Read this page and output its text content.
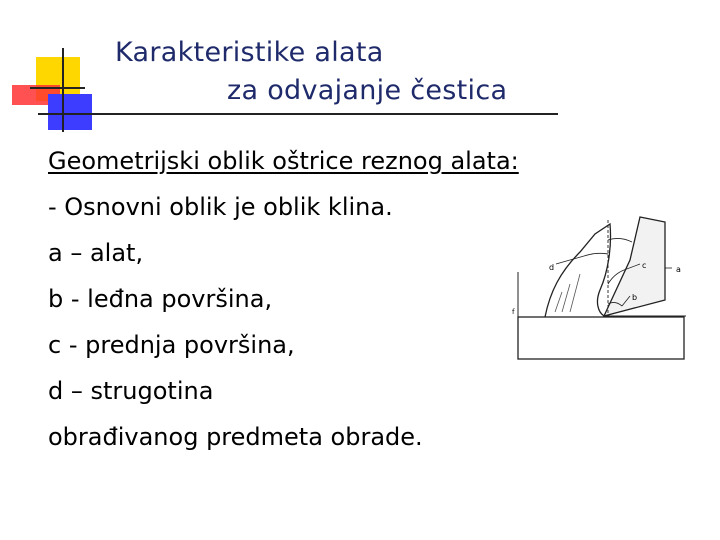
Karakteristike alata
za odvajanje čestica
Geometrijski oblik oštrice reznog alata:
- Osnovni oblik je oblik klina.
a – alat,
b - leđna površina,
c - prednja površina,
d – strugotina
obrađivanog predmeta obrade.
d	c	a
b
f
